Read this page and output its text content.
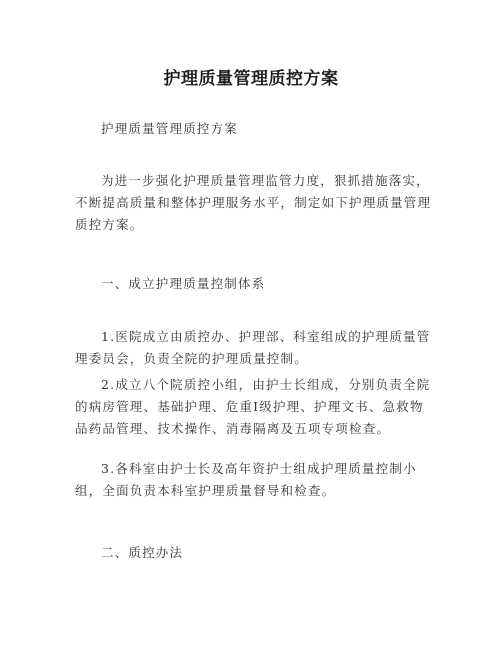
护理质量管理质控方案
护理质量管理质控方案
为进一步强化护理质量管理监管力度，狠抓措施落实，不断提高质量和整体护理服务水平，制定如下护理质量管理质控方案。
一、成立护理质量控制体系
1.医院成立由质控办、护理部、科室组成的护理质量管理委员会，负责全院的护理质量控制。
2.成立八个院质控小组，由护士长组成，分别负责全院的病房管理、基础护理、危重Ⅰ级护理、护理文书、急救物品药品管理、技术操作、消毒隔离及五项专项检查。
3.各科室由护士长及高年资护士组成护理质量控制小组，全面负责本科室护理质量督导和检查。
二、质控办法
